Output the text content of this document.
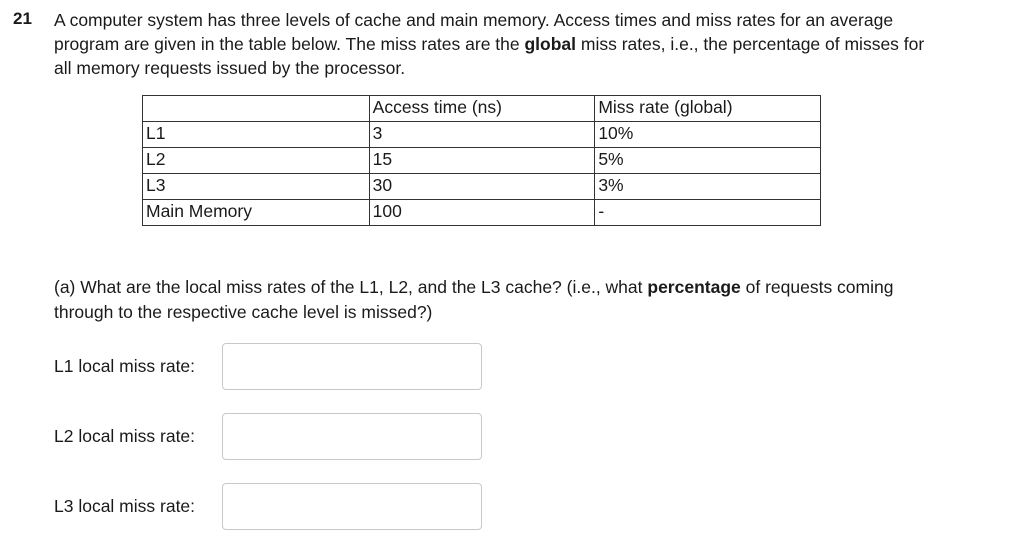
21 A computer system has three levels of cache and main memory. Access times and miss rates for an average program are given in the table below. The miss rates are the global miss rates, i.e., the percentage of misses for all memory requests issued by the processor.
	Access time (ns)	Miss rate (global)
L1	3	10%
L2	15	5%
L3	30	3%
Main Memory	100	-
(a) What are the local miss rates of the L1, L2, and the L3 cache? (i.e., what percentage of requests coming through to the respective cache level is missed?)
L1 local miss rate:
L2 local miss rate:
L3 local miss rate:
